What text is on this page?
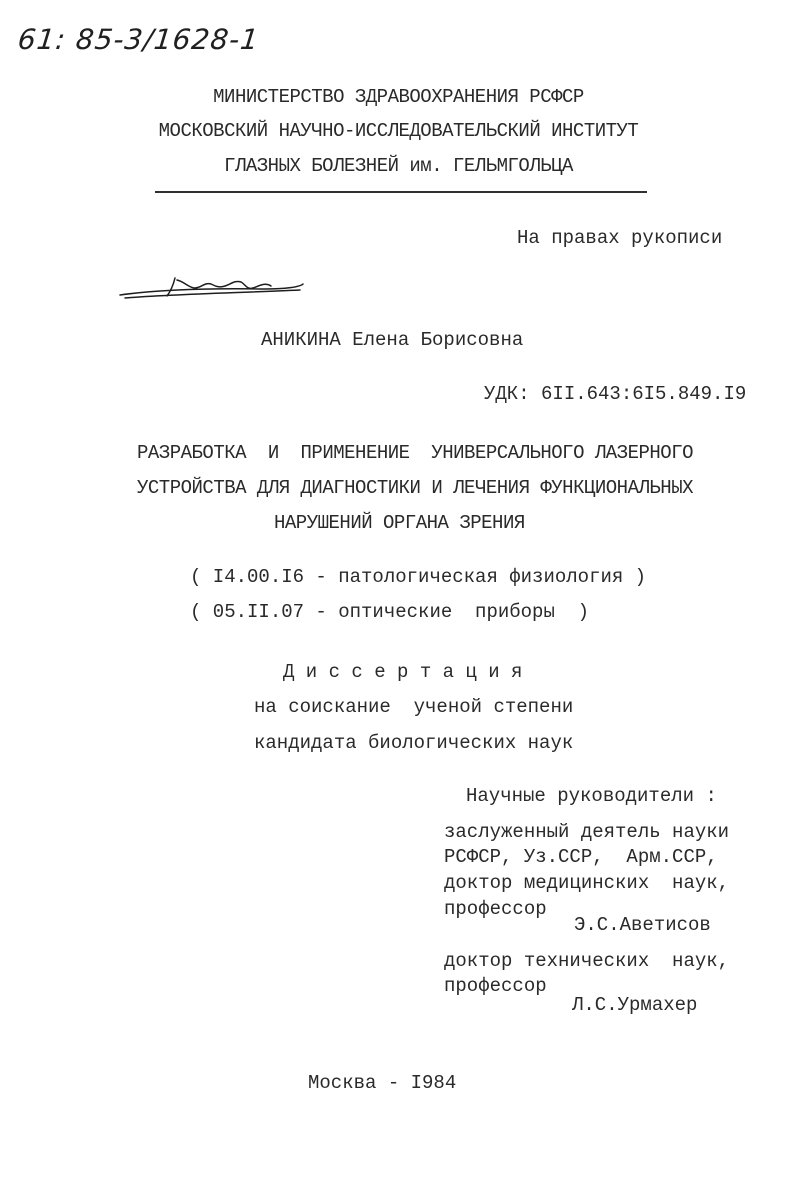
61: 85-3/1628-1
МИНИСТЕРСТВО ЗДРАВООХРАНЕНИЯ РСФСР
МОСКОВСКИЙ НАУЧНО-ИССЛЕДОВАТЕЛЬСКИЙ ИНСТИТУТ
ГЛАЗНЫХ БОЛЕЗНЕЙ им. ГЕЛЬМГОЛЬЦА
На правах рукописи
АНИКИНА Елена Борисовна
УДК: 6II.643:6I5.849.I9
РАЗРАБОТКА  И  ПРИМЕНЕНИЕ  УНИВЕРСАЛЬНОГО ЛАЗЕРНОГО
УСТРОЙСТВА ДЛЯ ДИАГНОСТИКИ И ЛЕЧЕНИЯ ФУНКЦИОНАЛЬНЫХ
НАРУШЕНИЙ ОРГАНА ЗРЕНИЯ
( I4.00.I6 - патологическая физиология )
( 05.II.07 - оптические  приборы  )
Д и с с е р т а ц и я
на соискание  ученой степени
кандидата биологических наук
Научные руководители :
заслуженный деятель науки
РСФСР, Уз.ССР,  Арм.ССР,
доктор медицинских  наук,
профессор
Э.С.Аветисов
доктор технических  наук,
профессор
Л.С.Урмахер
Москва - I984
